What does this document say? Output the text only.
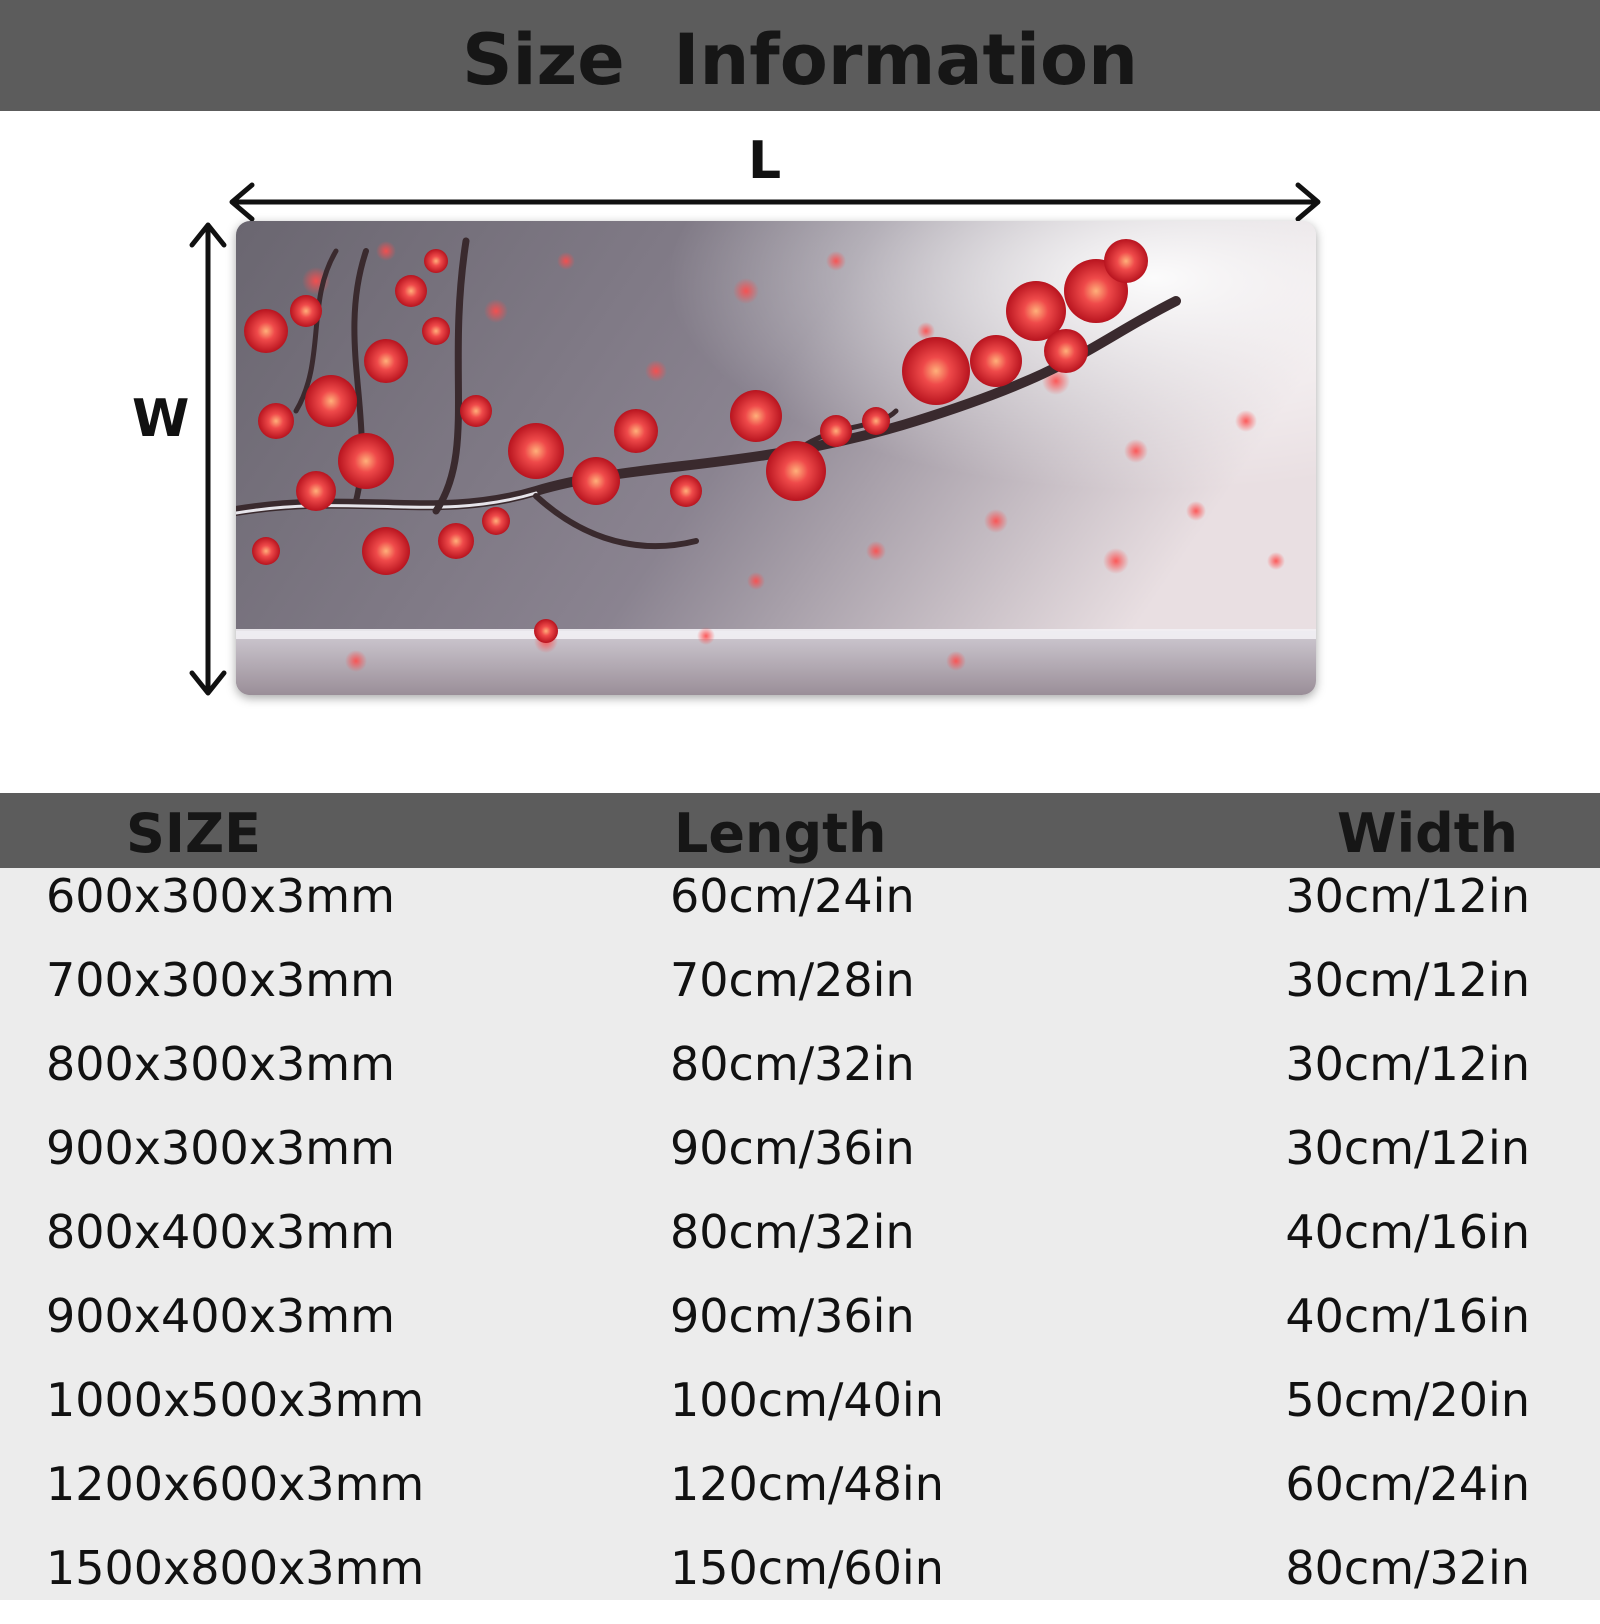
Size  Information
L
W
SIZE	Length	Width
600x300x3mm	60cm/24in	30cm/12in
700x300x3mm	70cm/28in	30cm/12in
800x300x3mm	80cm/32in	30cm/12in
900x300x3mm	90cm/36in	30cm/12in
800x400x3mm	80cm/32in	40cm/16in
900x400x3mm	90cm/36in	40cm/16in
1000x500x3mm	100cm/40in	50cm/20in
1200x600x3mm	120cm/48in	60cm/24in
1500x800x3mm	150cm/60in	80cm/32in
